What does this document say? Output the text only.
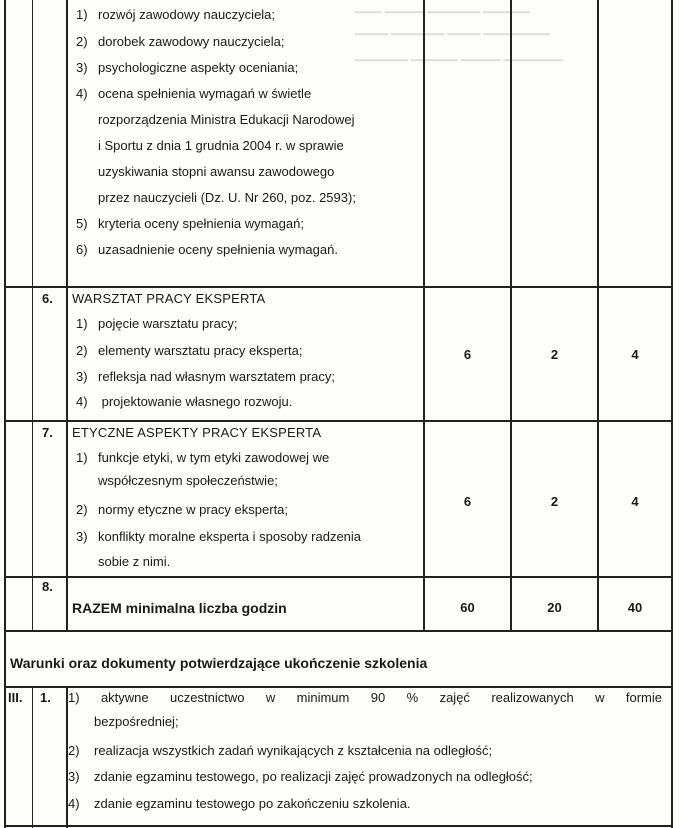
━━━━ ━━━━━━ ━━━━━━━━ ━━━━━━━
━━━━━ ━━━━━━━━ ━━━━━ ━━━━━━━━━━
━━━━━━━━ ━━━━━━━ ━━━━━━ ━━━━━━━━━
1) rozwój zawodowy nauczyciela;
2) dorobek zawodowy nauczyciela;
3) psychologiczne aspekty oceniania;
4) ocena spełnienia wymagań w świetle
rozporządzenia Ministra Edukacji Narodowej
i Sportu z dnia 1 grudnia 2004 r. w sprawie
uzyskiwania stopni awansu zawodowego
przez nauczycieli (Dz. U. Nr 260, poz. 2593);
5) kryteria oceny spełnienia wymagań;
6) uzasadnienie oceny spełnienia wymagań.
6. WARSZTAT PRACY EKSPERTA
1) pojęcie warsztatu pracy;
2) elementy warsztatu pracy eksperta;
3) refleksja nad własnym warsztatem pracy;
4) projektowanie własnego rozwoju.
6	2	4
7. ETYCZNE ASPEKTY PRACY EKSPERTA
1) funkcje etyki, w tym etyki zawodowej we
współczesnym społeczeństwie;
2) normy etyczne w pracy eksperta;
3) konflikty moralne eksperta i sposoby radzenia
sobie z nimi.
6	2	4
8.
RAZEM minimalna liczba godzin	60	20	40
Warunki oraz dokumenty potwierdzające ukończenie szkolenia
III. 1. 1) aktywne uczestnictwo w minimum 90 % zajęć realizowanych w formie
bezpośredniej;
2) realizacja wszystkich zadań wynikających z kształcenia na odległość;
3) zdanie egzaminu testowego, po realizacji zajęć prowadzonych na odległość;
4) zdanie egzaminu testowego po zakończeniu szkolenia.
